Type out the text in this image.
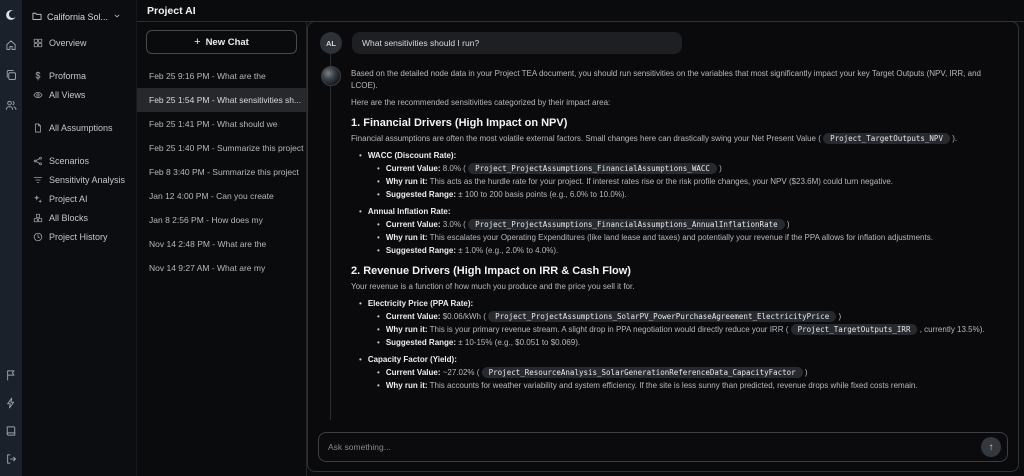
California Sol...
Overview
Proforma
All Views
All Assumptions
Scenarios
Sensitivity Analysis
Project AI
All Blocks
Project History
Project AI
+ New Chat
Feb 25 9:16 PM - What are the
Feb 25 1:54 PM - What sensitivities sh...
Feb 25 1:41 PM - What should we
Feb 25 1:40 PM - Summarize this project
Feb 8 3:40 PM - Summarize this project
Jan 12 4:00 PM - Can you create
Jan 8 2:56 PM - How does my
Nov 14 2:48 PM - What are the
Nov 14 9:27 AM - What are my
AL	What sensitivities should I run?

Based on the detailed node data in your Project TEA document, you should run sensitivities on the variables that most significantly impact your key Target Outputs (NPV, IRR, and LCOE).

Here are the recommended sensitivities categorized by their impact area:

1. Financial Drivers (High Impact on NPV)

Financial assumptions are often the most volatile external factors. Small changes here can drastically swing your Net Present Value ( Project_TargetOutputs_NPV ).

•
WACC (Discount Rate):
•
Current Value: 8.0% ( Project_ProjectAssumptions_FinancialAssumptions_WACC )
•
Why run it: This acts as the hurdle rate for your project. If interest rates rise or the risk profile changes, your NPV ($23.6M) could turn negative.
•
Suggested Range: ± 100 to 200 basis points (e.g., 6.0% to 10.0%).
•
Annual Inflation Rate:
•
Current Value: 3.0% ( Project_ProjectAssumptions_FinancialAssumptions_AnnualInflationRate )
•
Why run it: This escalates your Operating Expenditures (like land lease and taxes) and potentially your revenue if the PPA allows for inflation adjustments.
•
Suggested Range: ± 1.0% (e.g., 2.0% to 4.0%).
2. Revenue Drivers (High Impact on IRR & Cash Flow)

Your revenue is a function of how much you produce and the price you sell it for.

•
Electricity Price (PPA Rate):
•
Current Value: $0.06/kWh ( Project_ProjectAssumptions_SolarPV_PowerPurchaseAgreement_ElectricityPrice )
•
Why run it: This is your primary revenue stream. A slight drop in PPA negotiation would directly reduce your IRR ( Project_TargetOutputs_IRR , currently 13.5%).
•
Suggested Range: ± 10-15% (e.g., $0.051 to $0.069).
•
Capacity Factor (Yield):
•
Current Value: ~27.02% ( Project_ResourceAnalysis_SolarGenerationReferenceData_CapacityFactor )
•
Why run it: This accounts for weather variability and system efficiency. If the site is less sunny than predicted, revenue drops while fixed costs remain.
Ask something...
↑
